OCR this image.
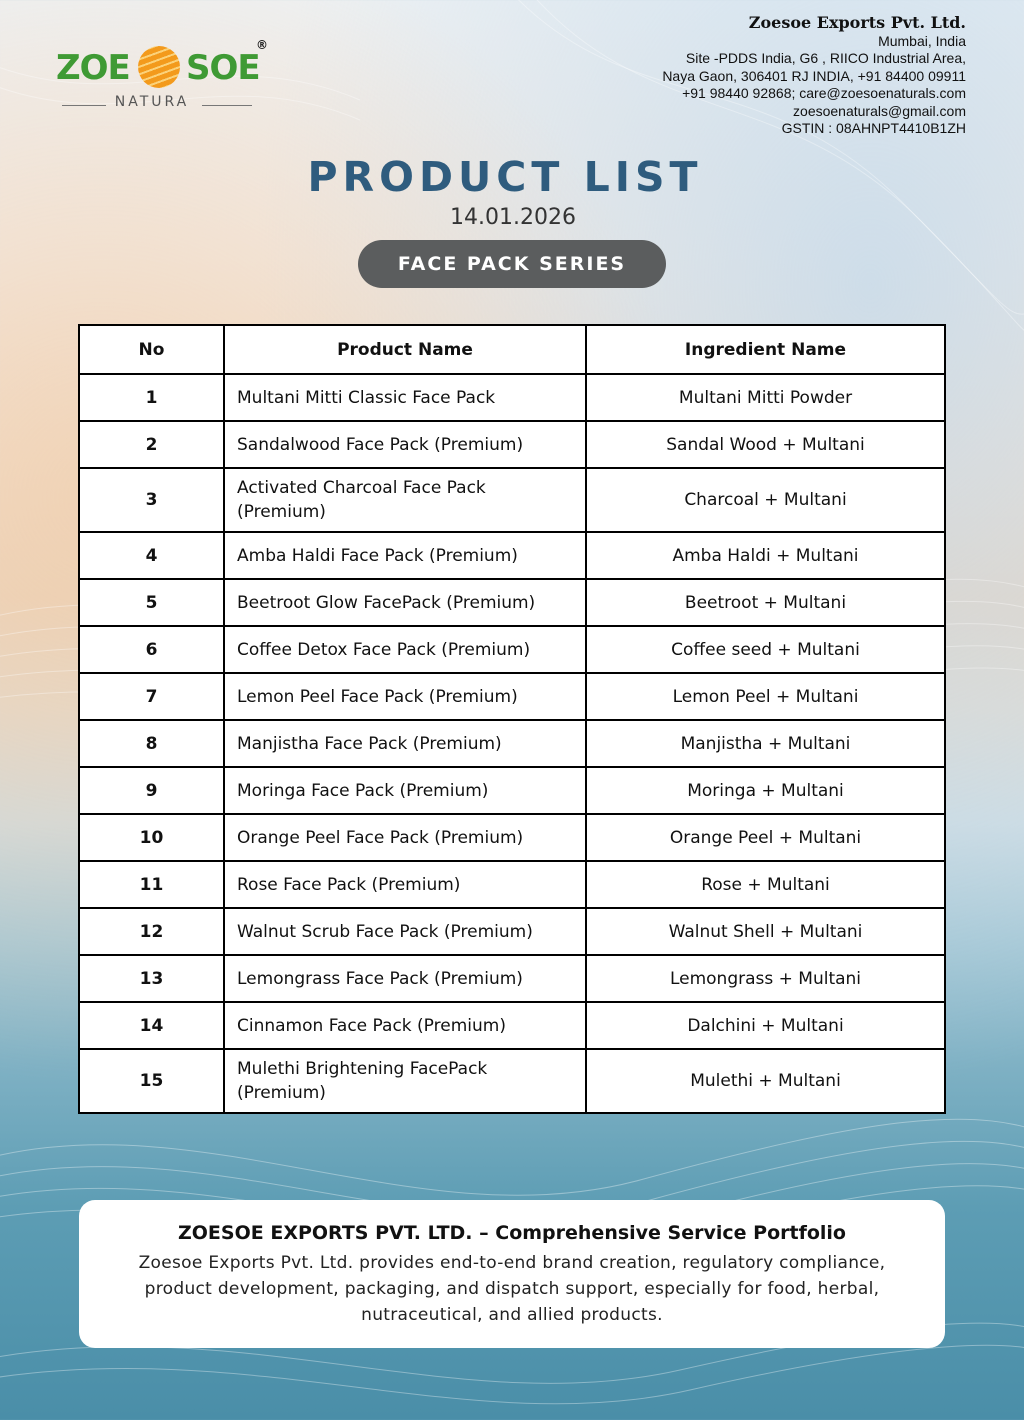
ZOE SOE
®
NATURA
Zoesoe Exports Pvt. Ltd.
Mumbai, India
Site -PDDS India, G6 , RIICO Industrial Area,
Naya Gaon, 306401 RJ INDIA, +91 84400 09911
+91 98440 92868; care@zoesoenaturals.com
zoesoenaturals@gmail.com
GSTIN : 08AHNPT4410B1ZH
PRODUCT LIST
14.01.2026
FACE PACK SERIES
No	Product Name	Ingredient Name
1	Multani Mitti Classic Face Pack	Multani Mitti Powder
2	Sandalwood Face Pack (Premium)	Sandal Wood + Multani
3	Activated Charcoal Face Pack (Premium)	Charcoal + Multani
4	Amba Haldi Face Pack (Premium)	Amba Haldi + Multani
5	Beetroot Glow FacePack (Premium)	Beetroot + Multani
6	Coffee Detox Face Pack (Premium)	Coffee seed + Multani
7	Lemon Peel Face Pack (Premium)	Lemon Peel + Multani
8	Manjistha Face Pack (Premium)	Manjistha + Multani
9	Moringa Face Pack (Premium)	Moringa + Multani
10	Orange Peel Face Pack (Premium)	Orange Peel + Multani
11	Rose Face Pack (Premium)	Rose + Multani
12	Walnut Scrub Face Pack (Premium)	Walnut Shell + Multani
13	Lemongrass Face Pack (Premium)	Lemongrass + Multani
14	Cinnamon Face Pack (Premium)	Dalchini + Multani
15	Mulethi Brightening FacePack (Premium)	Mulethi + Multani
ZOESOE EXPORTS PVT. LTD. – Comprehensive Service Portfolio
Zoesoe Exports Pvt. Ltd. provides end-to-end brand creation, regulatory compliance, product development, packaging, and dispatch support, especially for food, herbal, nutraceutical, and allied products.
